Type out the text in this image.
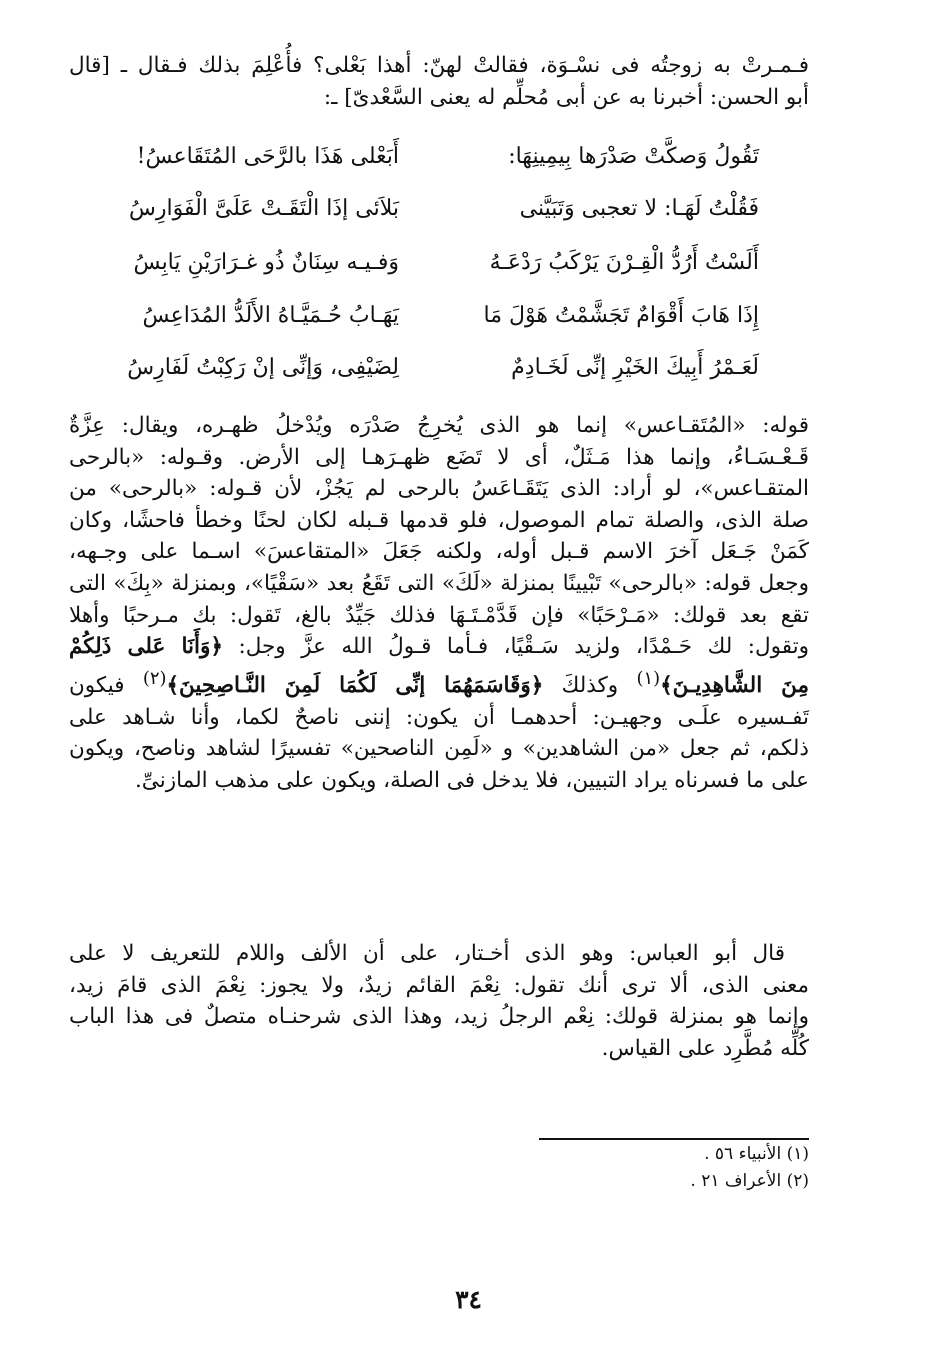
فـمـرتْ به زوجتُه فى نسْـوَة، فقالتْ لهنّ: أهذا بَعْلى؟ فأُعْلِمَ بذلك فـقال ـ [قال
أبو الحسن: أخبرنا به عن أبى مُحلِّم له يعنى السَّعْدىّ] ـ:
تَقُولُ وَصكَّتْ صَدْرَها بِيمِينِهَا:
أَبَعْلى هَذَا بالرَّحَى المُتَقَاعسُ!
فَقُلْتُ لَهَـا: لا تعجبى وَتَبَيَّنى
بَلاَئى إذَا الْتَقَـتْ عَلَىَّ الْفَوَارِسُ
أَلَسْتُ أَرُدُّ الْقِـرْنَ يَرْكَبُ رَدْعَـهُ
وَفـيـه سِنَانٌ ذُو غـرَارَيْنِ يَابِسُ
إِذَا هَابَ أَقْوَامٌ تَجَشَّمْتُ هَوْلَ مَا
يَهَـابُ حُـمَيَّـاهُ الأَلَدُّ المُدَاعِسُ
لَعَـمْرُ أَبِيكَ الخَيْرِ إنِّى لَخَـادِمٌ
لِضَيْفِى، وَإنِّى إنْ رَكِبْتُ لَفَارِسُ
قوله: «المُتَقـاعس» إنما هو الذى يُخرِجُ صَدْرَه ويُدْخلُ ظهـره، ويقال: عِزَّةٌ
قَـعْـسَـاءُ، وإنما هذا مَـثَلٌ، أى لا تَضَع ظهـرَهـا إلى الأرض. وقـوله: «بالرحى
المتقـاعس»، لو أراد: الذى يَتَقَـاعَسُ بالرحى لم يَجُزْ، لأن قـوله: «بالرحى» من
صلة الذى، والصلة تمام الموصول، فلو قدمها قـبله لكان لحنًا وخطأ فاحشًا، وكان
كَمَنْ جَـعَل آخرَ الاسم قـبل أوله، ولكنه جَعَلَ «المتقاعسَ» اسـما على وجـهه،
وجعل قوله: «بالرحى» تَبْيينًا بمنزلة «لَكَ» التى تَقَعُ بعد «سَقْيًا»، وبمنزلة «بِكَ» التى
تقع بعد قولك: «مَـرْحَبًا» فإن قَدَّمْـتَـهَا فذلك جَيِّدٌ بالغ، تَقول: بك مـرحبًا وأهلا
وتقول: لك حَـمْدًا، ولزيد سَـقْيًا، فـأما قـولُ الله عزَّ وجل: ﴿وَأَنَا عَلى ذَلِكُمْ
مِنَ الشَّاهِدِيـنَ﴾$^{(١)}$ وكذلكَ ﴿وَقَاسَمَهُمَا إنِّى لَكُمَا لَمِنَ النَّـاصِحِينَ﴾$^{(٢)}$ فيكون
تَفـسيره علَـى وجهيـن: أحدهمـا أن يكون: إننى ناصحٌ لكما، وأنا شـاهد على
ذلكم، ثم جعل «من الشاهدين» و «لَمِن الناصحين» تفسيرًا لشاهد وناصح، ويكون
على ما فسرناه يراد التبيين، فلا يدخل فى الصلة، ويكون على مذهب المازنىِّ.
قال أبو العباس: وهو الذى أخـتار، على أن الألف واللام للتعريف لا على
معنى الذى، ألا ترى أنك تقول: نِعْمَ القائم زيدٌ، ولا يجوز: نِعْمَ الذى قامَ زيد،
وإنما هو بمنزلة قولك: نِعْم الرجلُ زيد، وهذا الذى شرحنـاه متصلٌ فى هذا الباب
كُلِّه مُطَّرِد على القياس.
(١) الأنبياء ٥٦ .
(٢) الأعراف ٢١ .
٣٤
